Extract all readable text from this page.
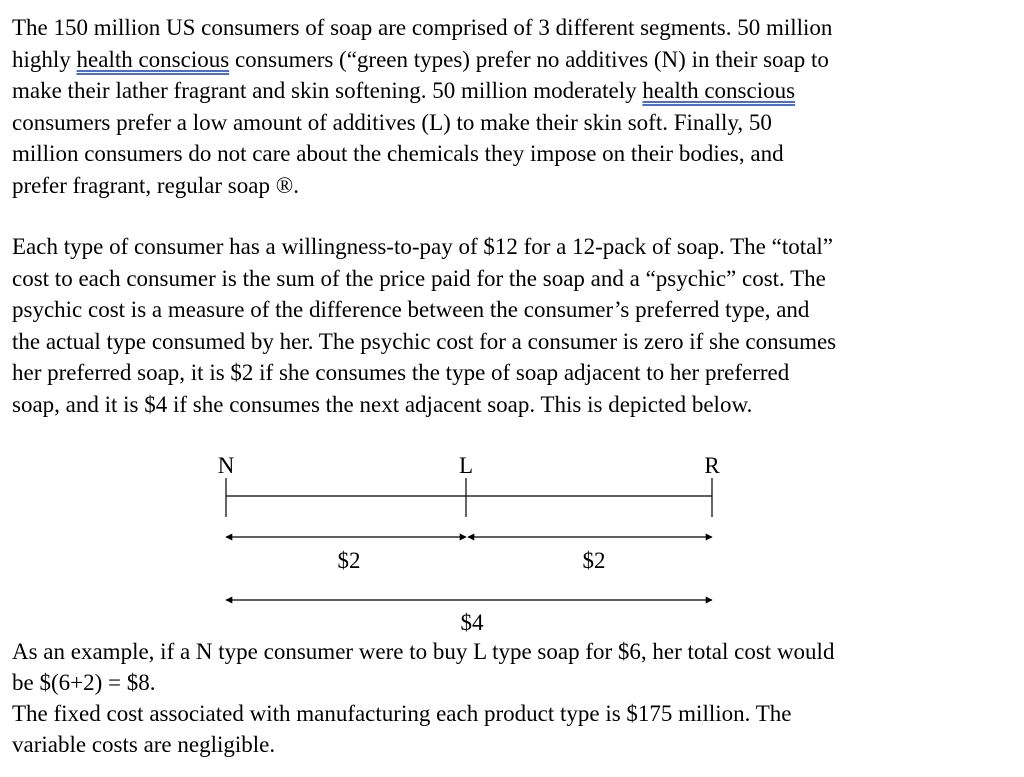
The 150 million US consumers of soap are comprised of 3 different segments. 50 million
highly health conscious consumers (“green types) prefer no additives (N) in their soap to
make their lather fragrant and skin softening. 50 million moderately health conscious
consumers prefer a low amount of additives (L) to make their skin soft. Finally, 50
million consumers do not care about the chemicals they impose on their bodies, and
prefer fragrant, regular soap ®.
Each type of consumer has a willingness-to-pay of $12 for a 12-pack of soap. The “total”
cost to each consumer is the sum of the price paid for the soap and a “psychic” cost. The
psychic cost is a measure of the difference between the consumer’s preferred type, and
the actual type consumed by her. The psychic cost for a consumer is zero if she consumes
her preferred soap, it is $2 if she consumes the type of soap adjacent to her preferred
soap, and it is $4 if she consumes the next adjacent soap. This is depicted below.
N	L	R
$2	$2
$4
As an example, if a N type consumer were to buy L type soap for $6, her total cost would
be $(6+2) = $8.
The fixed cost associated with manufacturing each product type is $175 million. The
variable costs are negligible.
